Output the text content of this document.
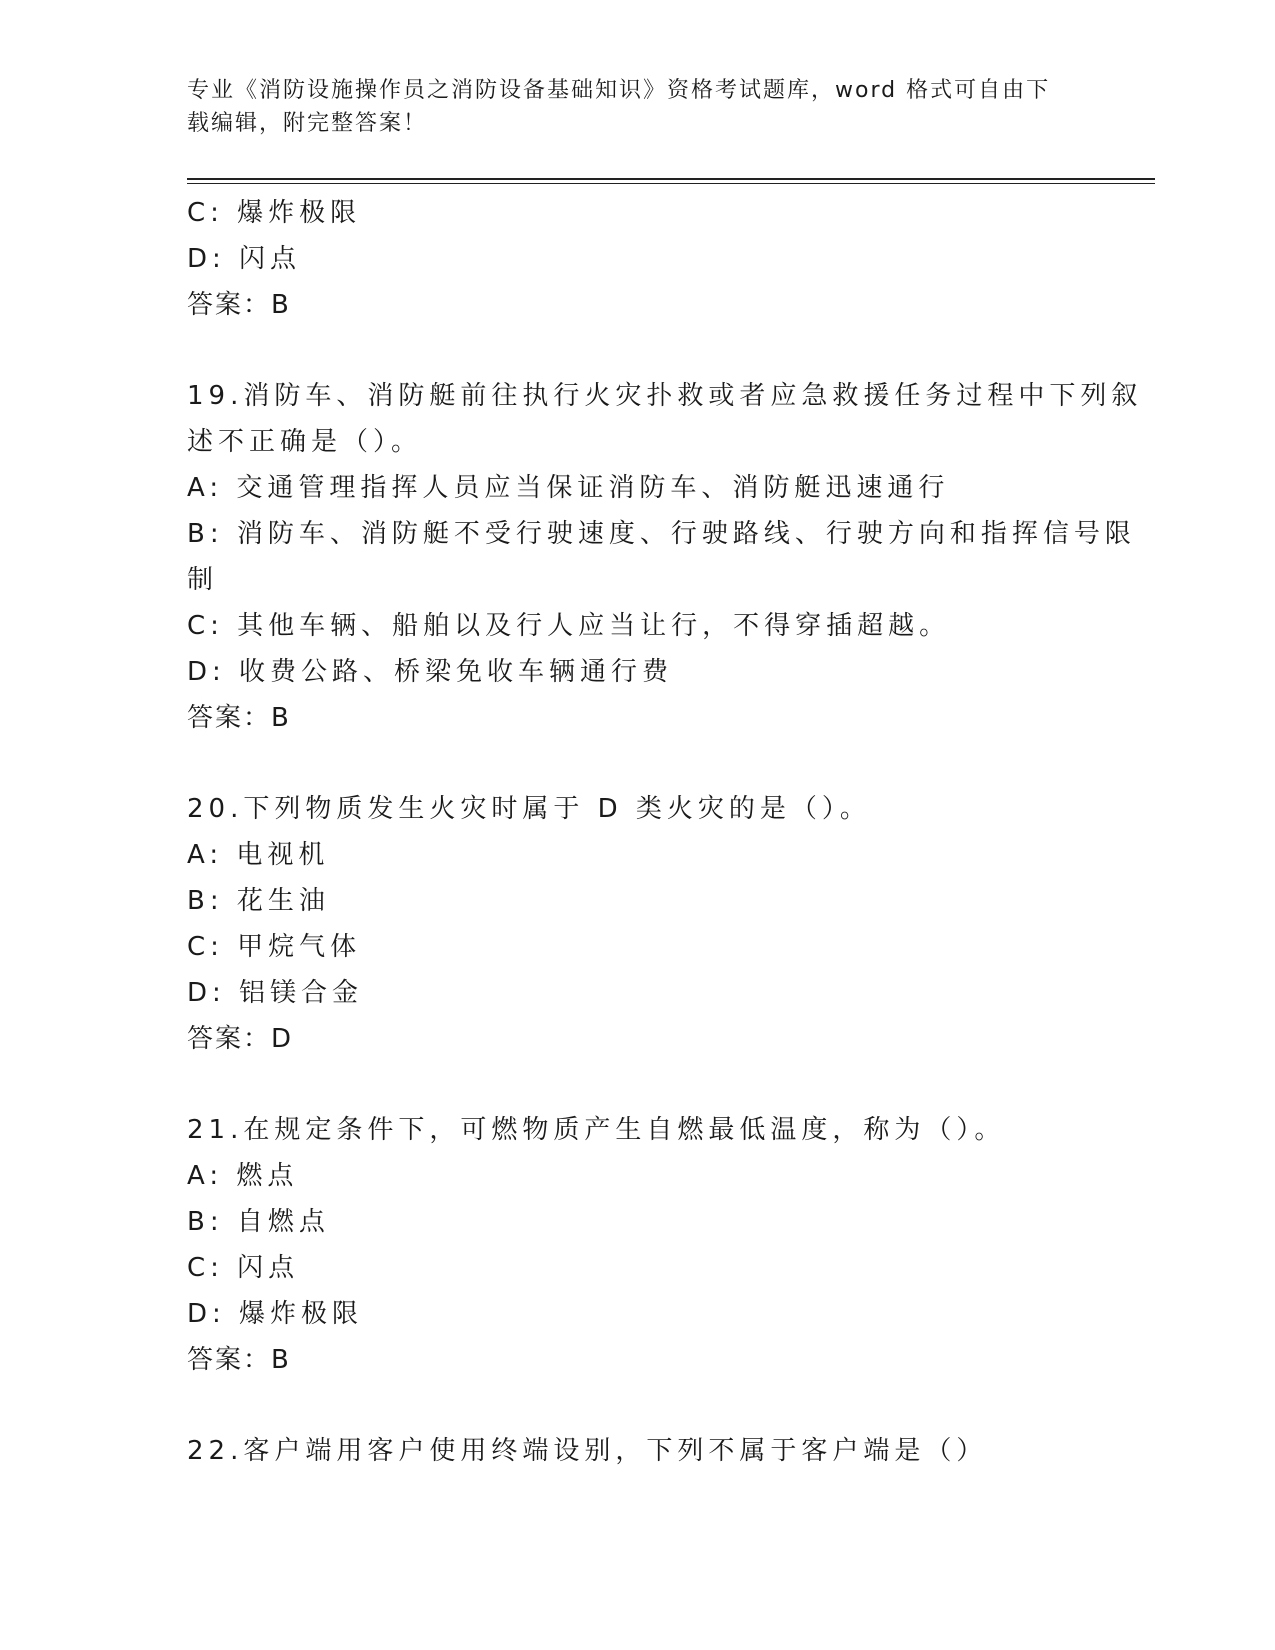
专业《消防设施操作员之消防设备基础知识》资格考试题库，word 格式可自由下
载编辑，附完整答案！
C: 爆炸极限
D: 闪点
答案：B
19.消防车、消防艇前往执行火灾扑救或者应急救援任务过程中下列叙
述不正确是（）。
A: 交通管理指挥人员应当保证消防车、消防艇迅速通行
B: 消防车、消防艇不受行驶速度、行驶路线、行驶方向和指挥信号限
制
C: 其他车辆、船舶以及行人应当让行，不得穿插超越。
D: 收费公路、桥梁免收车辆通行费
答案：B
20.下列物质发生火灾时属于 D 类火灾的是（）。
A: 电视机
B: 花生油
C: 甲烷气体
D: 铝镁合金
答案：D
21.在规定条件下，可燃物质产生自燃最低温度，称为（）。
A: 燃点
B: 自燃点
C: 闪点
D: 爆炸极限
答案：B
22.客户端用客户使用终端设别，下列不属于客户端是（）
